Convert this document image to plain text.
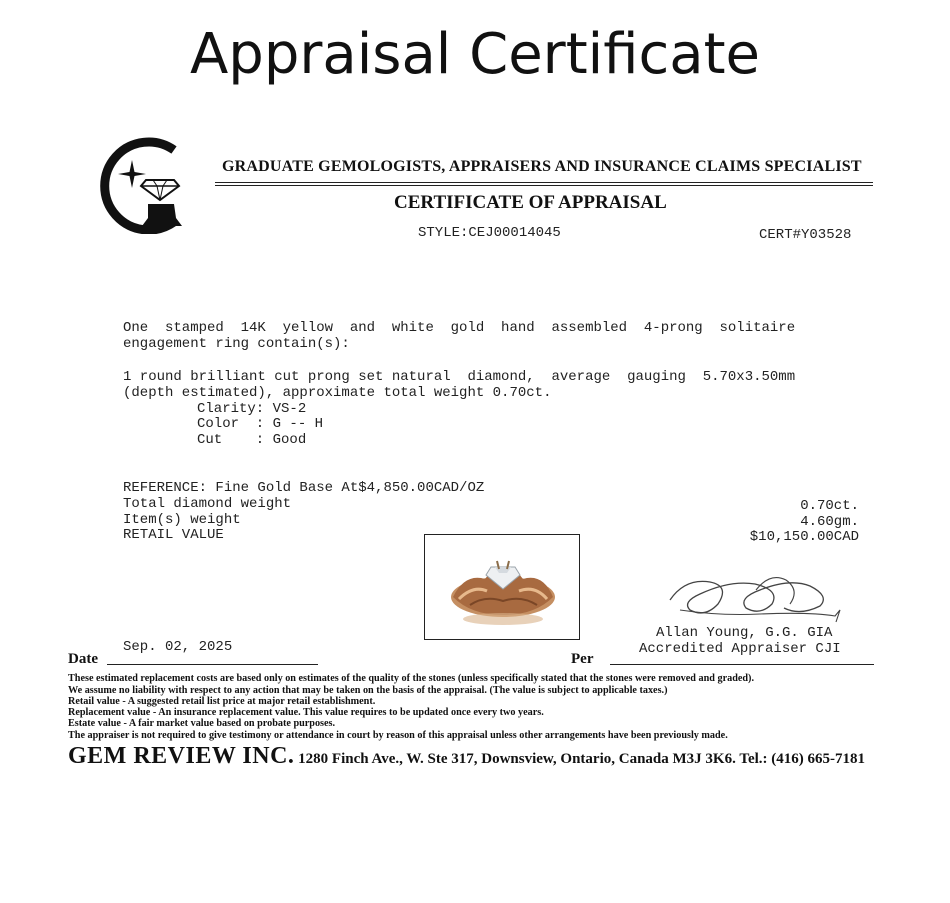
Appraisal Certificate
GRADUATE GEMOLOGISTS, APPRAISERS AND INSURANCE CLAIMS SPECIALIST
CERTIFICATE OF APPRAISAL
STYLE:CEJ00014045	CERT#Y03528
One  stamped  14K  yellow  and  white  gold  hand  assembled  4-prong  solitaire
engagement ring contain(s):
1 round brilliant cut prong set natural  diamond,  average  gauging  5.70x3.50mm
(depth estimated), approximate total weight 0.70ct.
Clarity: VS-2
Color  : G -- H
Cut    : Good
REFERENCE: Fine Gold Base At$4,850.00CAD/OZ
Total diamond weight	0.70ct.
Item(s) weight	4.60gm.
RETAIL VALUE	$10,150.00CAD
Sep. 02, 2025
Date	Per
Allan Young, G.G. GIA
Accredited Appraiser CJI
These estimated replacement costs are based only on estimates of the quality of the stones (unless specifically stated that the stones were removed and graded).
We assume no liability with respect to any action that may be taken on the basis of the appraisal. (The value is subject to applicable taxes.)
Retail value - A suggested retail list price at major retail establishment.
Replacement value - An insurance replacement value. This value requires to be updated once every two years.
Estate value - A fair market value based on probate purposes.
The appraiser is not required to give testimony or attendance in court by reason of this appraisal unless other arrangements have been previously made.
GEM REVIEW INC. 1280 Finch Ave., W. Ste 317, Downsview, Ontario, Canada M3J 3K6. Tel.: (416) 665-7181
